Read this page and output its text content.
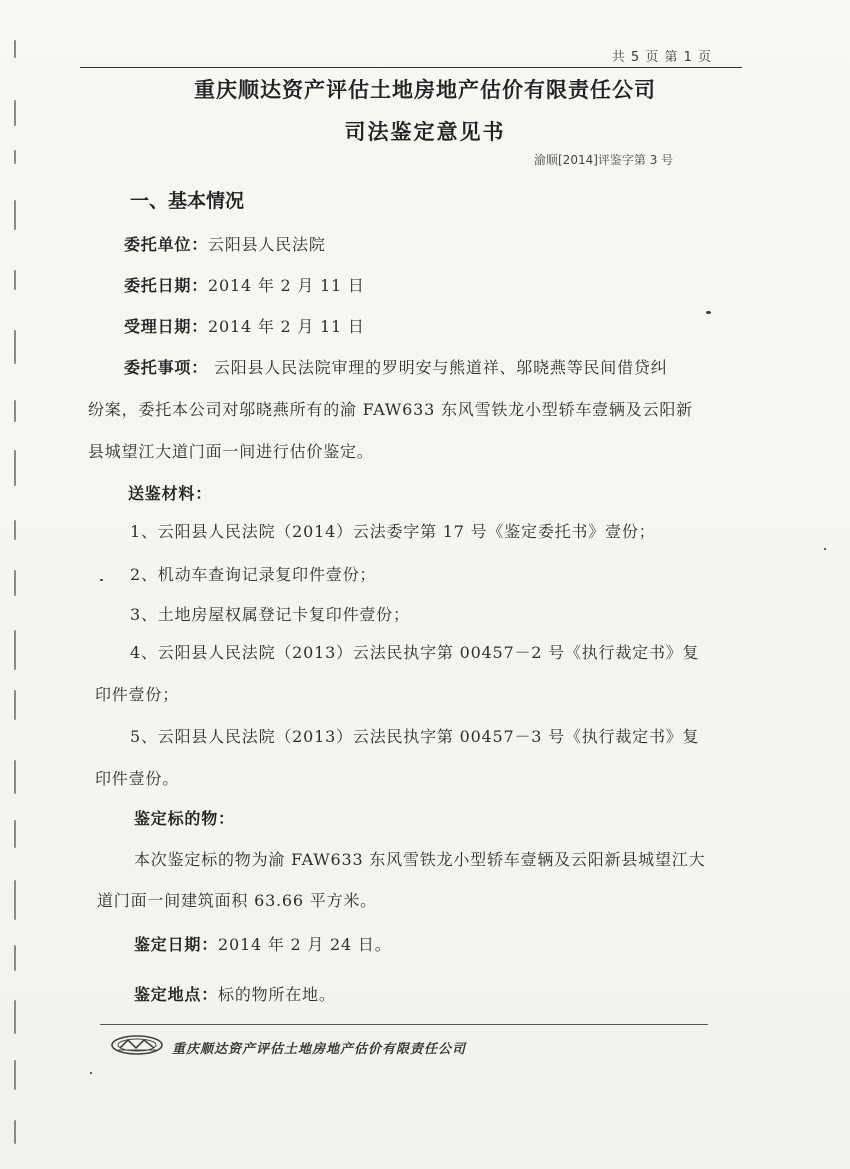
共 5 页 第 1 页
重庆顺达资产评估土地房地产估价有限责任公司
司法鉴定意见书
渝顺[2014]评鉴字第 3 号
一、基本情况
委托单位：云阳县人民法院
委托日期：2014 年 2 月 11 日
受理日期：2014 年 2 月 11 日
委托事项： 云阳县人民法院审理的罗明安与熊道祥、邬晓燕等民间借贷纠
纷案，委托本公司对邬晓燕所有的渝 FAW633 东风雪铁龙小型轿车壹辆及云阳新
县城望江大道门面一间进行估价鉴定。
送鉴材料：
1、云阳县人民法院（2014）云法委字第 17 号《鉴定委托书》壹份；
2、机动车查询记录复印件壹份；
3、土地房屋权属登记卡复印件壹份；
4、云阳县人民法院（2013）云法民执字第 00457－2 号《执行裁定书》复
印件壹份；
5、云阳县人民法院（2013）云法民执字第 00457－3 号《执行裁定书》复
印件壹份。
鉴定标的物：
本次鉴定标的物为渝 FAW633 东风雪铁龙小型轿车壹辆及云阳新县城望江大
道门面一间建筑面积 63.66 平方米。
鉴定日期：2014 年 2 月 24 日。
鉴定地点：标的物所在地。
重庆顺达资产评估土地房地产估价有限责任公司
